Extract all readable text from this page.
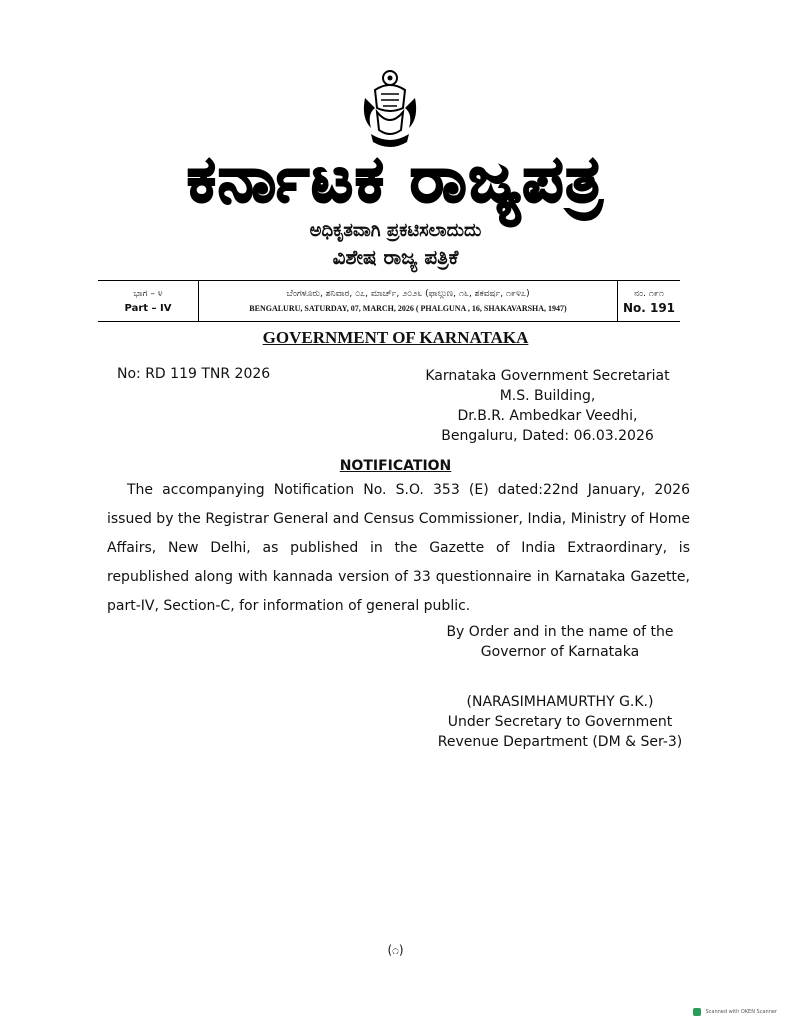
ಕರ್ನಾಟಕ ರಾಜ್ಯಪತ್ರ
ಅಧಿಕೃತವಾಗಿ ಪ್ರಕಟಿಸಲಾದುದು
ವಿಶೇಷ ರಾಜ್ಯ ಪತ್ರಿಕೆ
ಭಾಗ – ೪
Part – IV
ಬೆಂಗಳೂರು, ಶನಿವಾರ, ೦೭, ಮಾರ್ಚ್, ೨೦೨೬ (ಫಾಲ್ಗುಣ, ೧೬, ಶಕವರ್ಷ, ೧೯೪೭)
BENGALURU, SATURDAY, 07, MARCH, 2026 ( PHALGUNA , 16, SHAKAVARSHA, 1947)
ನಂ. ೧೯೧
No. 191
GOVERNMENT OF KARNATAKA
No: RD 119 TNR 2026	Karnataka Government Secretariat
M.S. Building,
Dr.B.R. Ambedkar Veedhi,
Bengaluru, Dated: 06.03.2026
NOTIFICATION
The accompanying Notification No. S.O. 353 (E) dated:22nd January, 2026 issued by the Registrar General and Census Commissioner, India, Ministry of Home Affairs, New Delhi, as published in the Gazette of India Extraordinary, is republished along with kannada version of 33 questionnaire in Karnataka Gazette, part-IV, Section-C, for information of general public.
By Order and in the name of the
Governor of Karnataka
(NARASIMHAMURTHY G.K.)
Under Secretary to Government
Revenue Department (DM & Ser-3)
(೧)
Scanned with OKEN Scanner
